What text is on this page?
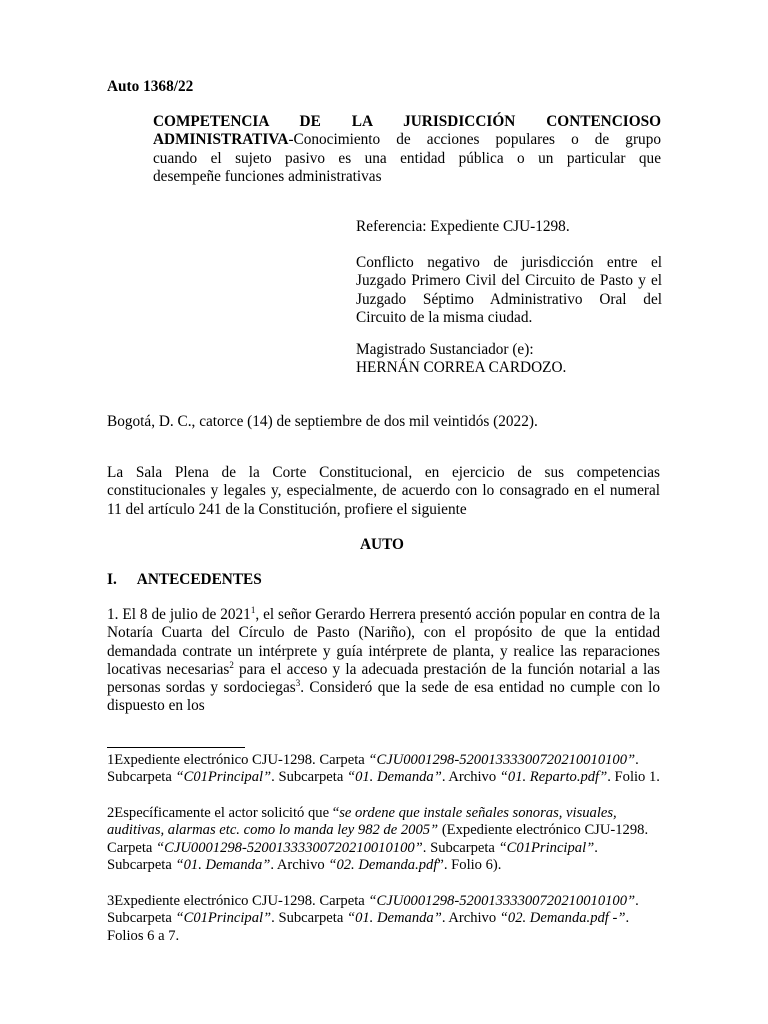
Auto 1368/22

COMPETENCIA DE LA JURISDICCIÓN CONTENCIOSO
ADMINISTRATIVA-Conocimiento de acciones populares o de grupo
cuando el sujeto pasivo es una entidad pública o un particular que
desempeñe funciones administrativas

Referencia: Expediente CJU-1298.

Conflicto negativo de jurisdicción entre el Juzgado Primero Civil del Circuito de Pasto y el Juzgado Séptimo Administrativo Oral del Circuito de la misma ciudad.

Magistrado Sustanciador (e):

HERNÁN CORREA CARDOZO.

Bogotá, D. C., catorce (14) de septiembre de dos mil veintidós (2022).

La Sala Plena de la Corte Constitucional, en ejercicio de sus competencias constitucionales y legales y, especialmente, de acuerdo con lo consagrado en el numeral 11 del artículo 241 de la Constitución, profiere el siguiente

AUTO

I. ANTECEDENTES

1. El 8 de julio de 2021$^1$, el señor Gerardo Herrera presentó acción popular en contra de la Notaría Cuarta del Círculo de Pasto (Nariño), con el propósito de que la entidad demandada contrate un intérprete y guía intérprete de planta, y realice las reparaciones locativas necesarias$^2$ para el acceso y la adecuada prestación de la función notarial a las personas sordas y sordociegas$^3$. Consideró que la sede de esa entidad no cumple con lo dispuesto en los

1Expediente electrónico CJU-1298. Carpeta “CJU0001298-52001333300720210010100”. Subcarpeta “C01Principal”. Subcarpeta “01. Demanda”. Archivo “01. Reparto.pdf”. Folio 1.

2Específicamente el actor solicitó que “se ordene que instale señales sonoras, visuales, auditivas, alarmas etc. como lo manda ley 982 de 2005” (Expediente electrónico CJU-1298. Carpeta “CJU0001298-52001333300720210010100”. Subcarpeta “C01Principal”. Subcarpeta “01. Demanda”. Archivo “02. Demanda.pdf”. Folio 6).

3Expediente electrónico CJU-1298. Carpeta “CJU0001298-52001333300720210010100”. Subcarpeta “C01Principal”. Subcarpeta “01. Demanda”. Archivo “02. Demanda.pdf -”. Folios 6 a 7.
